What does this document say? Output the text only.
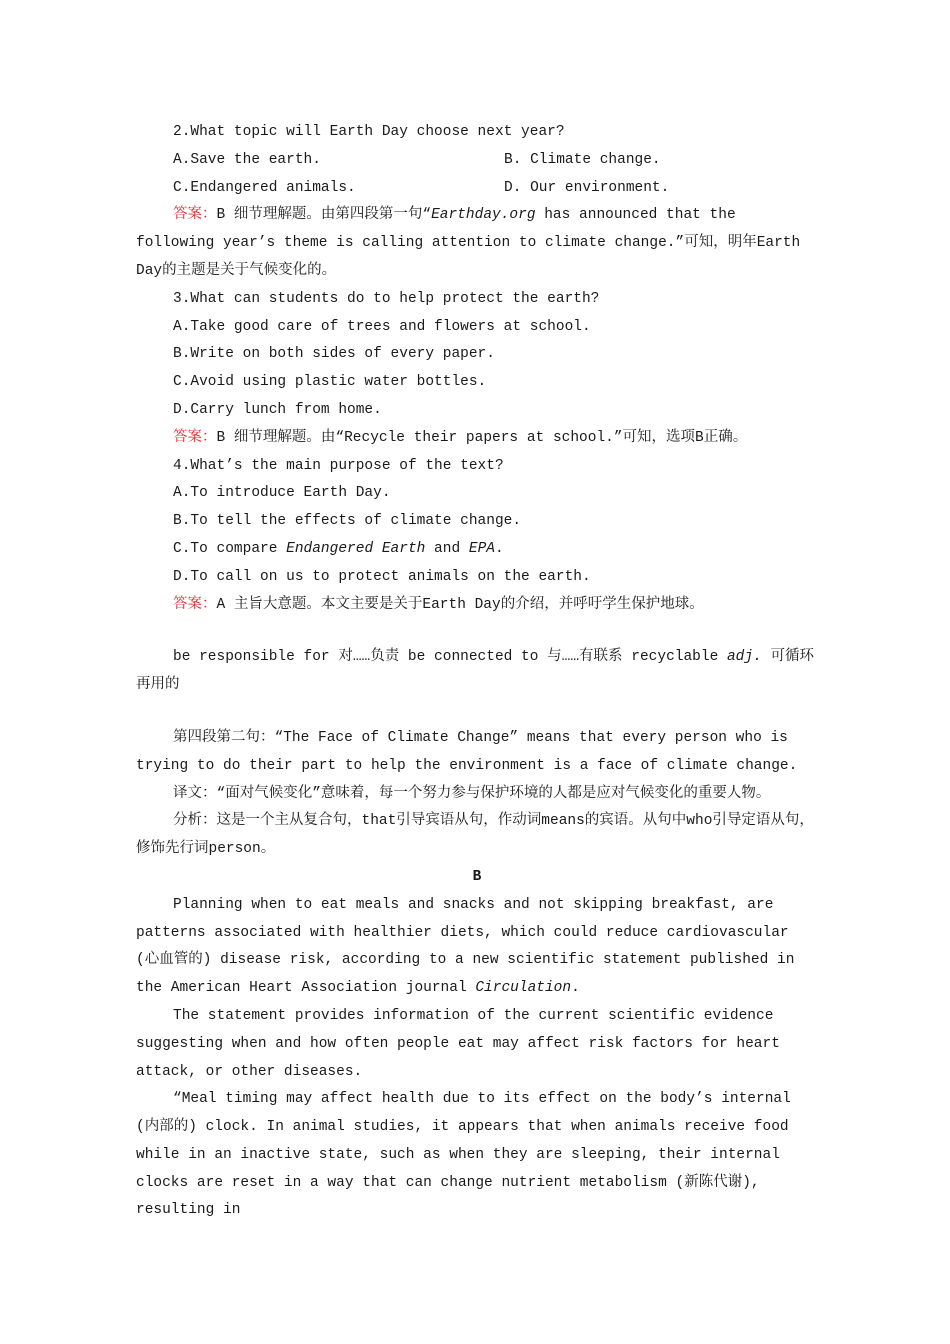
2.What topic will Earth Day choose next year?

A.Save the earth.	B. Climate change.
C.Endangered animals.	D. Our environment.

答案：B 细节理解题。由第四段第一句“Earthday.org has announced that the following year’s theme is calling attention to climate change.”可知，明年Earth Day的主题是关于气候变化的。

3.What can students do to help protect the earth?

A.Take good care of trees and flowers at school.

B.Write on both sides of every paper.

C.Avoid using plastic water bottles.

D.Carry lunch from home.

答案：B 细节理解题。由“Recycle their papers at school.”可知，选项B正确。

4.What’s the main purpose of the text?

A.To introduce Earth Day.

B.To tell the effects of climate change.

C.To compare Endangered Earth and EPA.

D.To call on us to protect animals on the earth.

答案：A 主旨大意题。本文主要是关于Earth Day的介绍，并呼吁学生保护地球。

be responsible for 对……负责 be connected to 与……有联系 recyclable adj. 可循环再用的

第四段第二句：“The Face of Climate Change” means that every person who is trying to do their part to help the environment is a face of climate change.

译文：“面对气候变化”意味着，每一个努力参与保护环境的人都是应对气候变化的重要人物。

分析：这是一个主从复合句，that引导宾语从句，作动词means的宾语。从句中who引导定语从句，修饰先行词person。

B

Planning when to eat meals and snacks and not skipping breakfast, are patterns associated with healthier diets, which could reduce cardiovascular (心血管的) disease risk, according to a new scientific statement published in the American Heart Association journal Circulation.

The statement provides information of the current scientific evidence suggesting when and how often people eat may affect risk factors for heart attack, or other diseases.

“Meal timing may affect health due to its effect on the body’s internal (内部的) clock. In animal studies, it appears that when animals receive food while in an inactive state, such as when they are sleeping, their internal clocks are reset in a way that can change nutrient metabolism (新陈代谢), resulting in
